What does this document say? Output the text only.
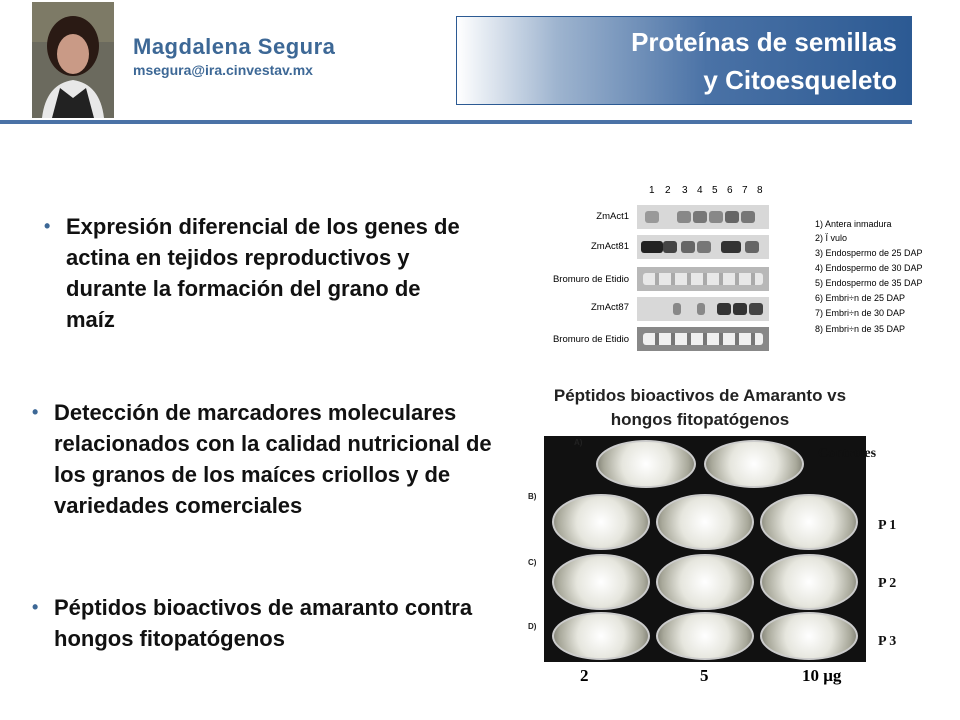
Magdalena Segura
msegura@ira.cinvestav.mx
Proteínas de semillas
y Citoesqueleto
• Expresión diferencial de los genes de actina en tejidos reproductivos y durante la formación del grano de maíz
• Detección de marcadores moleculares relacionados con la calidad nutricional de los granos de los maíces criollos y de variedades comerciales
• Péptidos bioactivos de amaranto contra hongos fitopatógenos
1 2 3 4 5 6 7 8
ZmAct1
ZmAct81
Bromuro de Etidio
ZmAct87
Bromuro de Etidio
1) Antera inmadura
2) Ï vulo
3) Endospermo de 25 DAP
4) Endospermo de 30 DAP
5) Endospermo de 35 DAP
6) Embri÷n de 25 DAP
7) Embri÷n de 30 DAP
8) Embri÷n de 35 DAP
Péptidos bioactivos de Amaranto vs
hongos fitopatógenos
A)
B)
C)
D)
Controles
P 1
P 2
P 3
2	5	10 μg
